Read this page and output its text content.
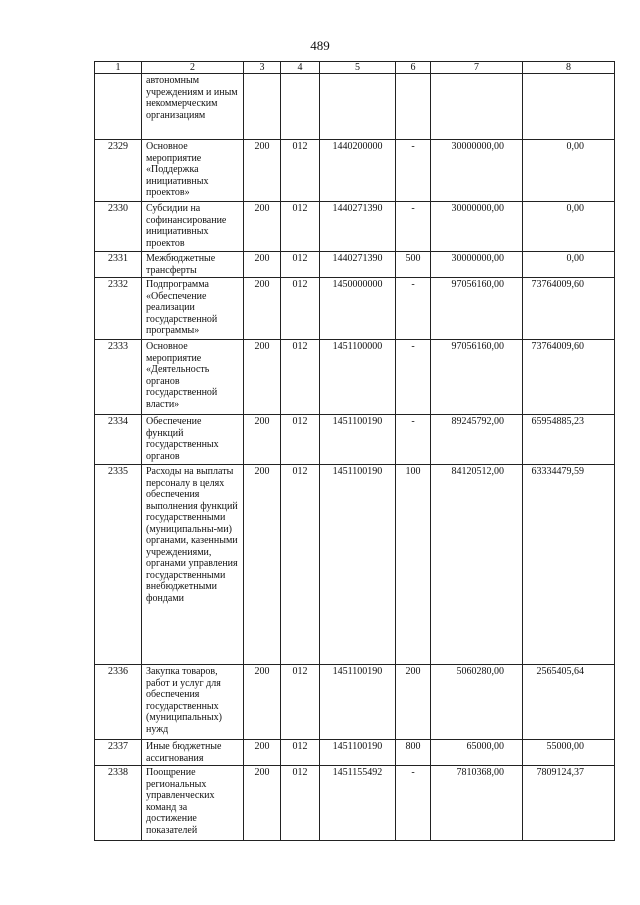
489
1	2	3	4	5	6	7	8
	автономным учреждениям и иным некоммерческим организациям						
2329	Основное мероприятие «Поддержка инициативных проектов»	200	012	1440200000	-	30000000,00	0,00
2330	Субсидии на софинансирование инициативных проектов	200	012	1440271390	-	30000000,00	0,00
2331	Межбюджетные трансферты	200	012	1440271390	500	30000000,00	0,00
2332	Подпрограмма «Обеспечение реализации государственной программы»	200	012	1450000000	-	97056160,00	73764009,60
2333	Основное мероприятие «Деятельность органов государственной власти»	200	012	1451100000	-	97056160,00	73764009,60
2334	Обеспечение функций государственных органов	200	012	1451100190	-	89245792,00	65954885,23
2335	Расходы на выплаты персоналу в целях обеспечения выполнения функций государственными (муниципальны-ми) органами, казенными учреждениями, органами управления государственными внебюджетными фондами	200	012	1451100190	100	84120512,00	63334479,59
2336	Закупка товаров, работ и услуг для обеспечения государственных (муниципальных) нужд	200	012	1451100190	200	5060280,00	2565405,64
2337	Иные бюджетные ассигнования	200	012	1451100190	800	65000,00	55000,00
2338	Поощрение региональных управленческих команд за достижение показателей	200	012	1451155492	-	7810368,00	7809124,37
